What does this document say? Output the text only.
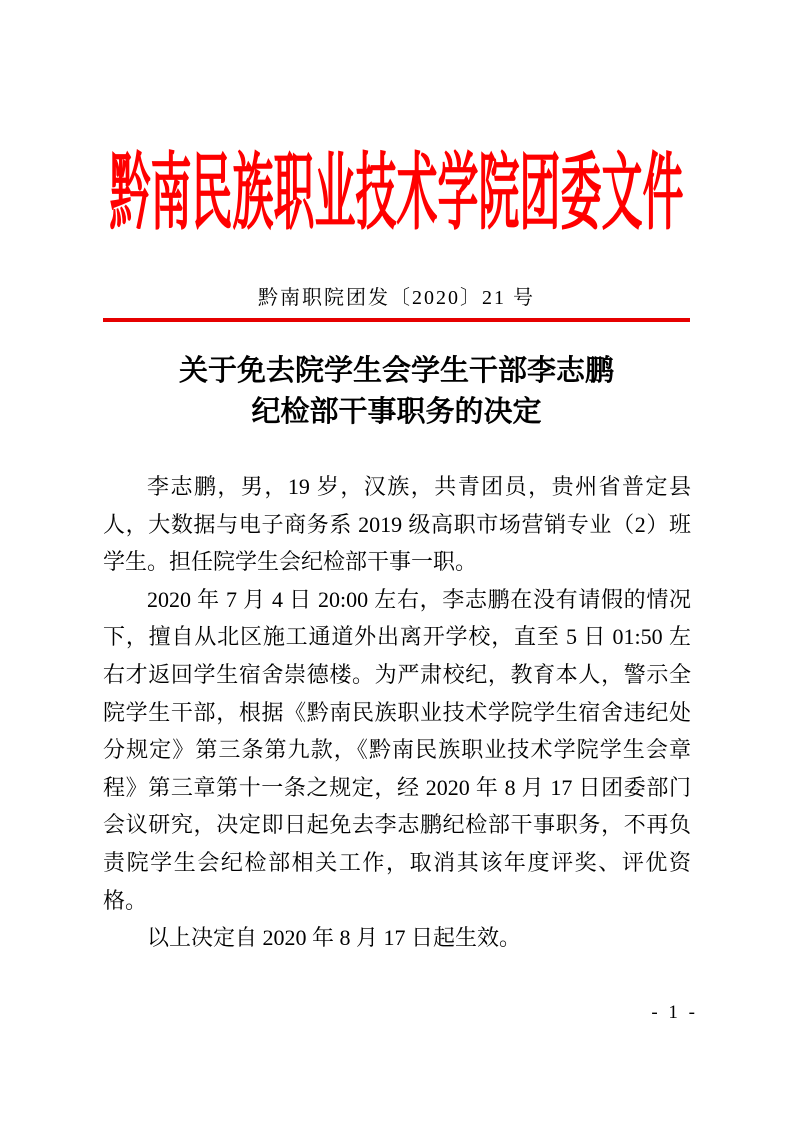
黔南民族职业技术学院团委文件
黔南职院团发〔2020〕21 号
关于免去院学生会学生干部李志鹏
纪检部干事职务的决定

李志鹏，男，19 岁，汉族，共青团员，贵州省普定县人，大数据与电子商务系 2019 级高职市场营销专业（2）班学生。担任院学生会纪检部干事一职。

2020 年 7 月 4 日 20:00 左右，李志鹏在没有请假的情况下，擅自从北区施工通道外出离开学校，直至 5 日 01:50 左右才返回学生宿舍崇德楼。为严肃校纪，教育本人，警示全院学生干部，根据《黔南民族职业技术学院学生宿舍违纪处分规定》第三条第九款，《黔南民族职业技术学院学生会章程》第三章第十一条之规定，经 2020 年 8 月 17 日团委部门会议研究，决定即日起免去李志鹏纪检部干事职务，不再负责院学生会纪检部相关工作，取消其该年度评奖、评优资格。

以上决定自 2020 年 8 月 17 日起生效。

- 1 -
